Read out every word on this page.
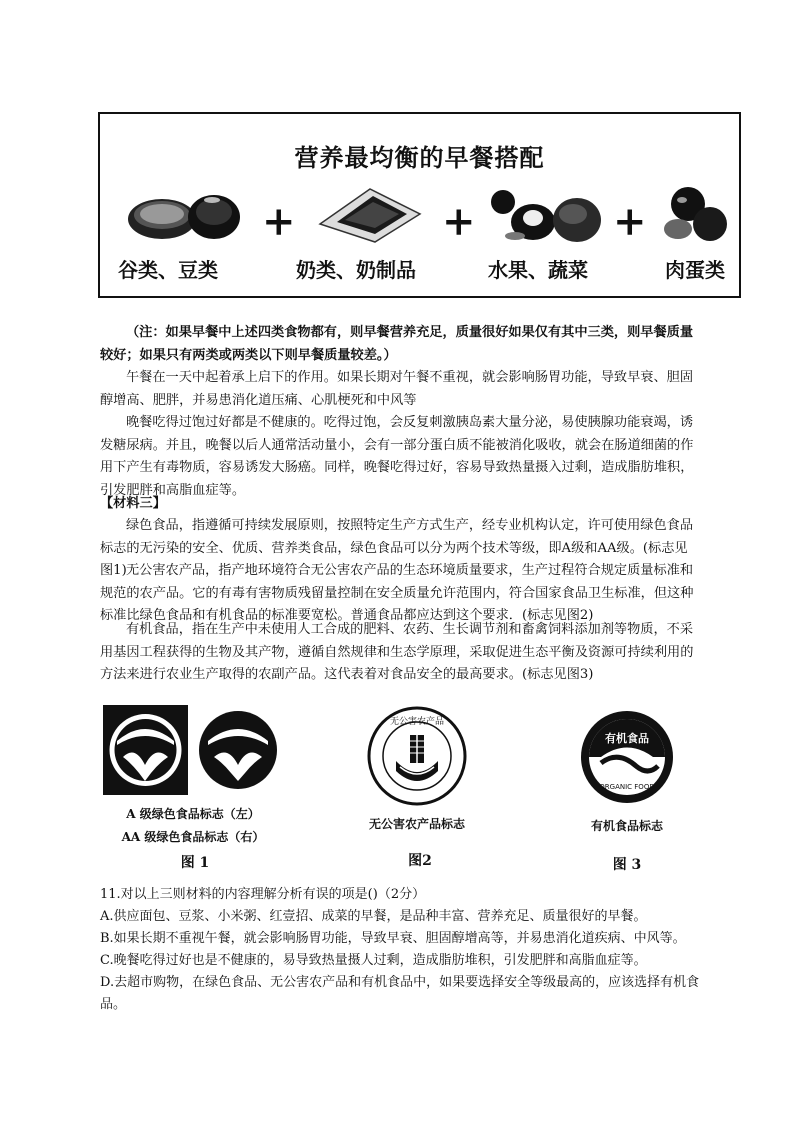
营养最均衡的早餐搭配
+	+	+
谷类、豆类	奶类、奶制品	水果、蔬菜	肉蛋类
（注：如果早餐中上述四类食物都有，则早餐营养充足，质量很好如果仅有其中三类，则早餐质量较好；如果只有两类或两类以下则早餐质量较差。）
午餐在一天中起着承上启下的作用。如果长期对午餐不重视，就会影响肠胃功能，导致早衰、胆固醇增高、肥胖，并易患消化道压痛、心肌梗死和中风等
晚餐吃得过饱过好都是不健康的。吃得过饱，会反复刺激胰岛素大量分泌，易使胰腺功能衰竭，诱发糖尿病。并且，晚餐以后人通常活动量小，会有一部分蛋白质不能被消化吸收，就会在肠道细菌的作用下产生有毒物质，容易诱发大肠癌。同样，晚餐吃得过好，容易导致热量摄入过剩，造成脂肪堆积，引发肥胖和高脂血症等。
【材料三】
绿色食品，指遵循可持续发展原则，按照特定生产方式生产，经专业机构认定，许可使用绿色食品标志的无污染的安全、优质、营养类食品，绿色食品可以分为两个技术等级，即A级和AA级。(标志见图1) 无公害农产品，指产地环境符合无公害农产品的生态环境质量要求，生产过程符合规定质量标准和规范的农产品。它的有毒有害物质残留量控制在安全质量允许范围内，符合国家食品卫生标准，但这种标准比绿色食品和有机食品的标准要宽松。普通食品都应达到这个要求．(标志见图2)
有机食品，指在生产中未使用人工合成的肥料、农药、生长调节剂和畜禽饲料添加剂等物质，不采用基因工程获得的生物及其产物，遵循自然规律和生态学原理，采取促进生态平衡及资源可持续利用的方法来进行农业生产取得的农副产品。这代表着对食品安全的最高要求。(标志见图3)
A 级绿色食品标志（左）
AA 级绿色食品标志（右）
图 1
无公害农产品
无公害农产品标志
图2
有机食品
ORGANIC FOOD
有机食品标志
图 3
11.对以上三则材料的内容理解分析有误的项是()（2分）
A.供应面包、豆浆、小米粥、红壹招、成菜的早餐，是品种丰富、营养充足、质量很好的早餐。
B.如果长期不重视午餐，就会影响肠胃功能，导致早衰、胆固醇增高等，并易患消化道疾病、中风等。
C.晚餐吃得过好也是不健康的，易导致热量摄人过剩，造成脂肪堆积，引发肥胖和高脂血症等。
D.去超市购物，在绿色食品、无公害农产品和有机食品中，如果要选择安全等级最高的，应该选择有机食品。
